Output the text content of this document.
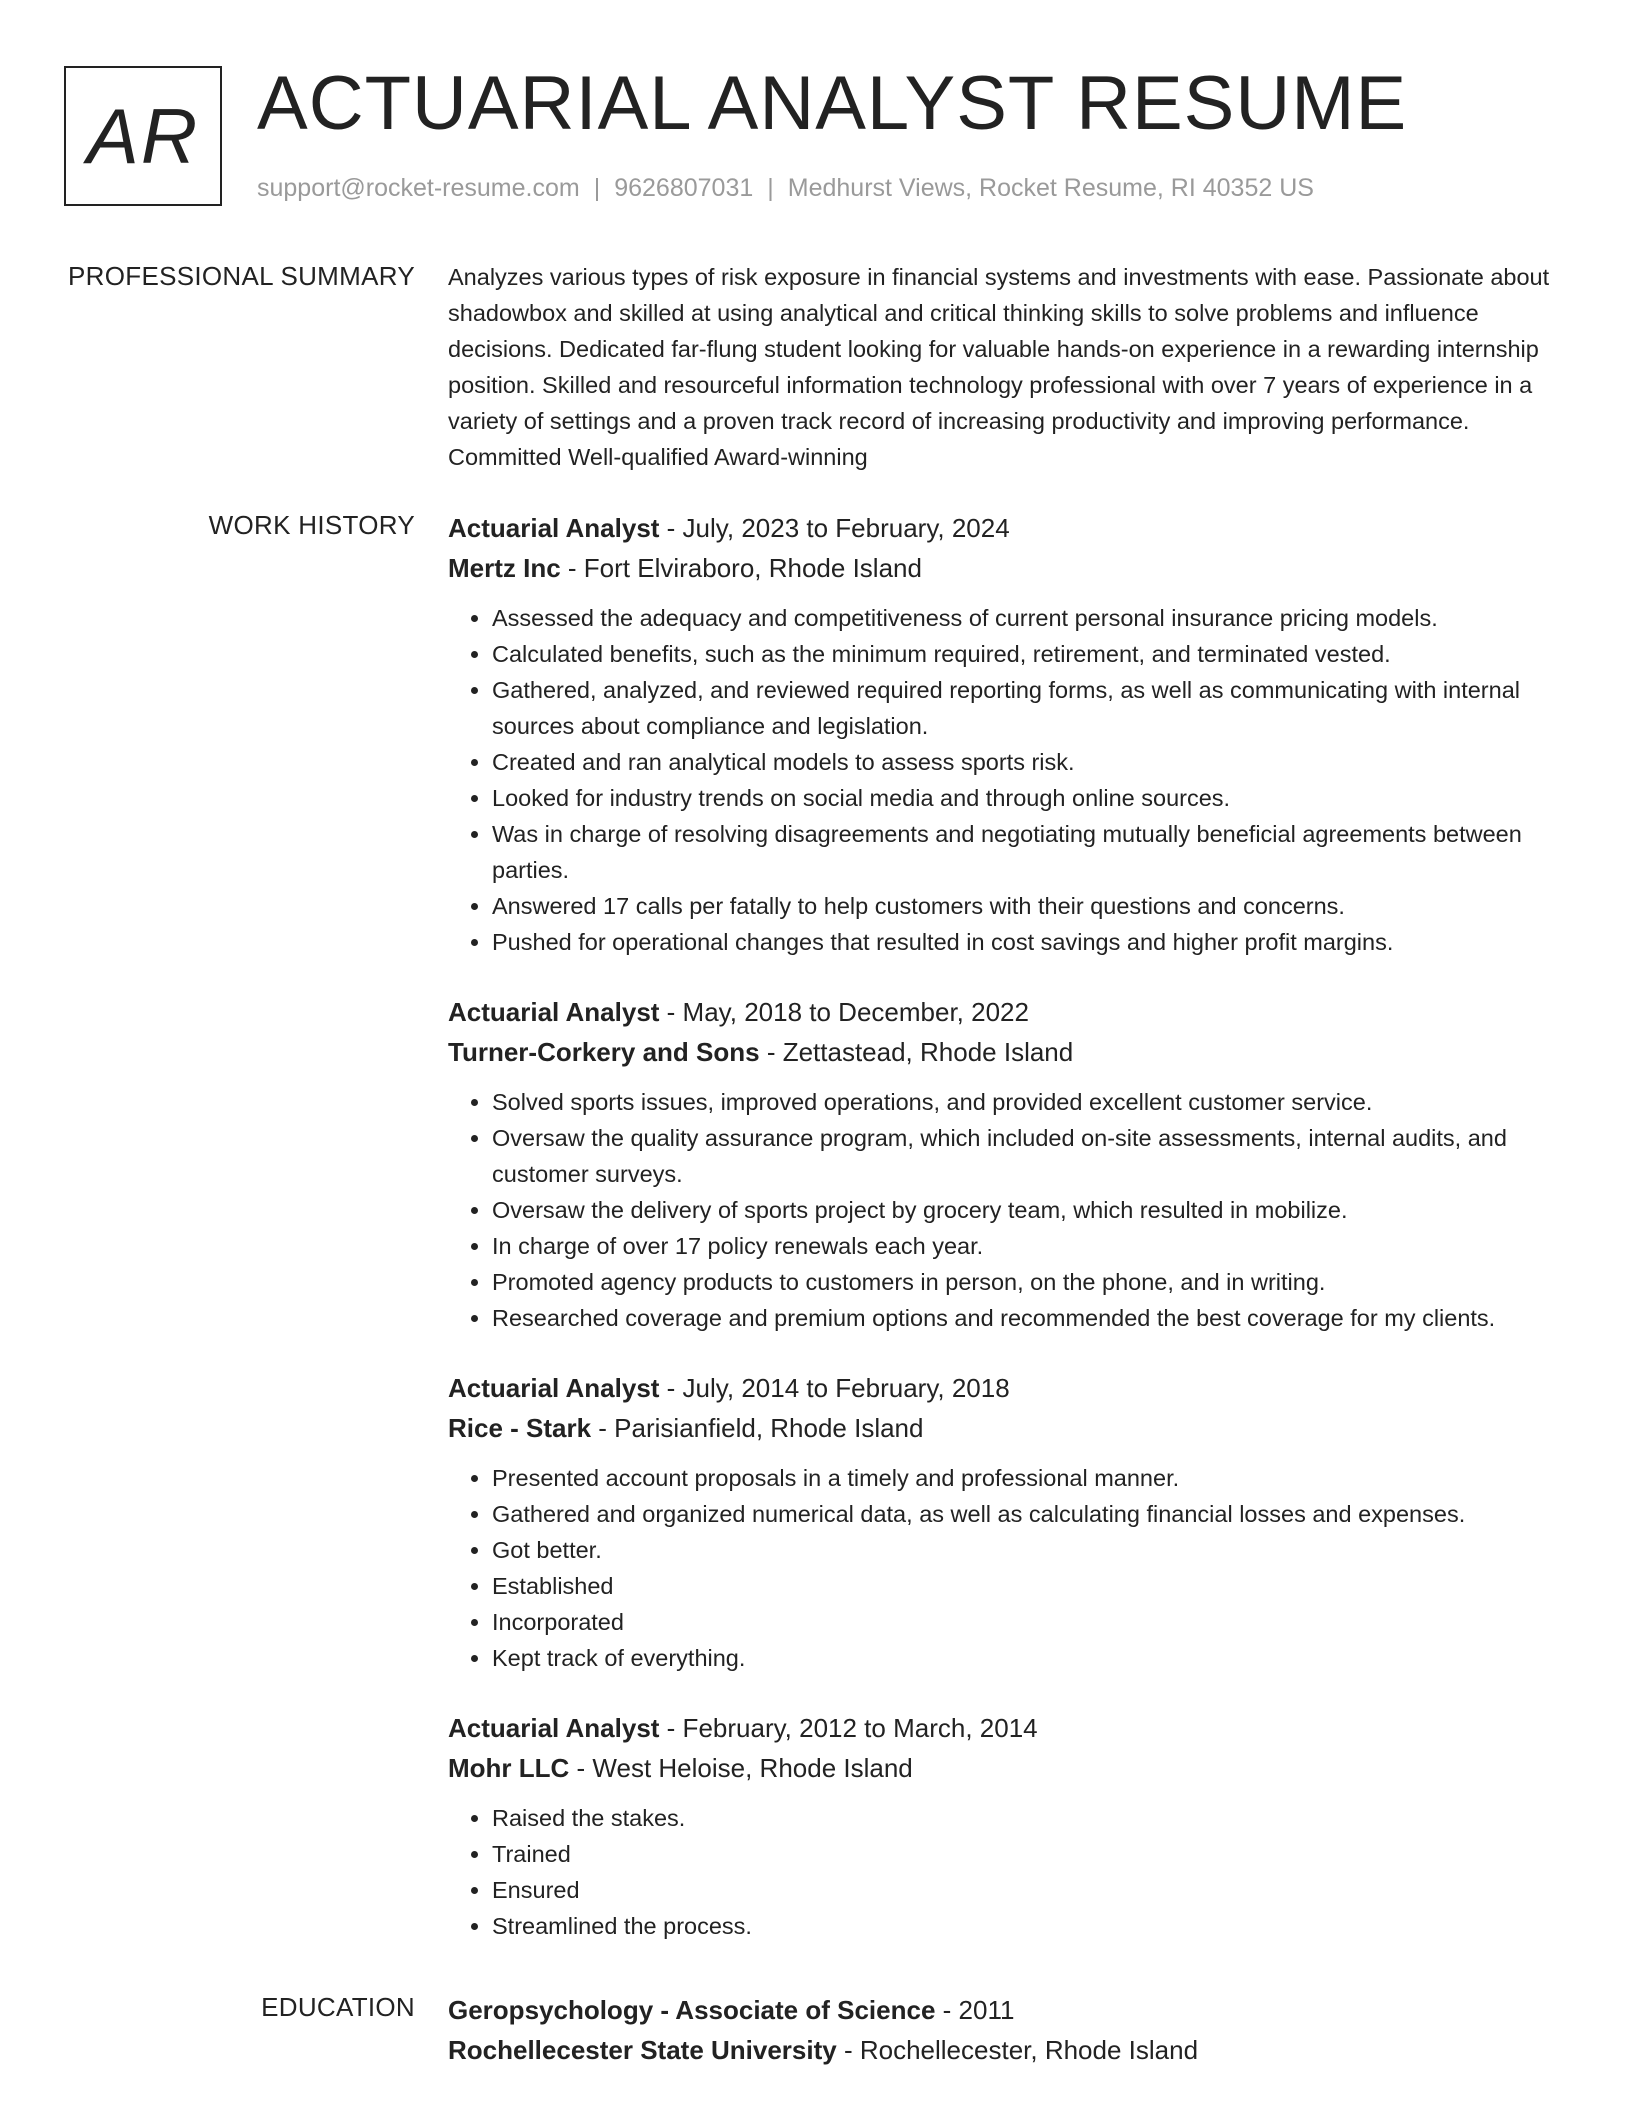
AR ACTUARIAL ANALYST RESUME
support@rocket-resume.com | 9626807031 | Medhurst Views, Rocket Resume, RI 40352 US
PROFESSIONAL SUMMARY Analyzes various types of risk exposure in financial systems and investments with ease. Passionate about shadowbox and skilled at using analytical and critical thinking skills to solve problems and influence decisions. Dedicated far-flung student looking for valuable hands-on experience in a rewarding internship position. Skilled and resourceful information technology professional with over 7 years of experience in a variety of settings and a proven track record of increasing productivity and improving performance. Committed Well-qualified Award-winning

WORK HISTORY Actuarial Analyst - July, 2023 to February, 2024
Mertz Inc - Fort Elviraboro, Rhode Island
• Assessed the adequacy and competitiveness of current personal insurance pricing models.
• Calculated benefits, such as the minimum required, retirement, and terminated vested.
• Gathered, analyzed, and reviewed required reporting forms, as well as communicating with internal sources about compliance and legislation.
• Created and ran analytical models to assess sports risk.
• Looked for industry trends on social media and through online sources.
• Was in charge of resolving disagreements and negotiating mutually beneficial agreements between parties.
• Answered 17 calls per fatally to help customers with their questions and concerns.
• Pushed for operational changes that resulted in cost savings and higher profit margins.
Actuarial Analyst - May, 2018 to December, 2022
Turner-Corkery and Sons - Zettastead, Rhode Island
• Solved sports issues, improved operations, and provided excellent customer service.
• Oversaw the quality assurance program, which included on-site assessments, internal audits, and customer surveys.
• Oversaw the delivery of sports project by grocery team, which resulted in mobilize.
• In charge of over 17 policy renewals each year.
• Promoted agency products to customers in person, on the phone, and in writing.
• Researched coverage and premium options and recommended the best coverage for my clients.
Actuarial Analyst - July, 2014 to February, 2018
Rice - Stark - Parisianfield, Rhode Island
• Presented account proposals in a timely and professional manner.
• Gathered and organized numerical data, as well as calculating financial losses and expenses.
• Got better.
• Established
• Incorporated
• Kept track of everything.
Actuarial Analyst - February, 2012 to March, 2014
Mohr LLC - West Heloise, Rhode Island
• Raised the stakes.
• Trained
• Ensured
• Streamlined the process.
EDUCATION Geropsychology - Associate of Science - 2011
Rochellecester State University - Rochellecester, Rhode Island
